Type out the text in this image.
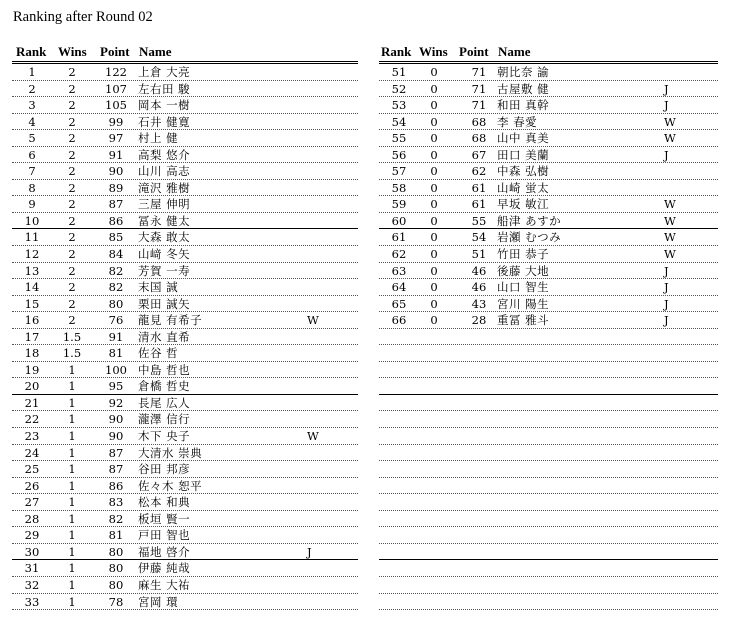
Ranking after Round 02
Rank Wins Point Name
1	2	122 上倉 大亮
2	2	107 左右田 駿
3	2	105 岡本 一樹
4	2	99	石井 健寛
5	2	97	村上 健
6	2	91	高梨 悠介
7	2	90	山川 高志
8	2	89	滝沢 雅樹
9	2	87	三屋 伸明
10	2	86	冨永 健太
11	2	85	大森 敢太
12	2	84	山﨑 冬矢
13	2	82	芳賀 一寿
14	2	82	末国 誠
15	2	80	栗田 誠矢
16	2	76	龍見 有希子	W
17	1.5	91	清水 直希
18	1.5	81	佐谷 哲
19	1	100 中島 哲也
20	1	95	倉橋 哲史
21	1	92	長尾 広人
22	1	90	瀧澤 信行
23	1	90	木下 央子	W
24	1	87	大清水 崇典
25	1	87	谷田 邦彦
26	1	86	佐々木 恕平
27	1	83	松本 和典
28	1	82	板垣 賢一
29	1	81	戸田 智也
30	1	80	福地 啓介	J
31	1	80	伊藤 純哉
32	1	80	麻生 大祐
33	1	78	宮岡 環
Rank Wins Point Name
51	0	71 朝比奈 諭
52	0	71 古屋敷 健	J
53	0	71 和田 真幹	J
54	0	68 李 春愛	W
55	0	68 山中 真美	W
56	0	67 田口 美蘭	J
57	0	62 中森 弘樹
58	0	61 山崎 蛍太
59	0	61 早坂 敏江	W
60	0	55 船津 あすか	W
61	0	54 岩瀬 むつみ	W
62	0	51 竹田 恭子	W
63	0	46 後藤 大地	J
64	0	46 山口 智生	J
65	0	43 宮川 陽生	J
66	0	28 重冨 雅斗	J
